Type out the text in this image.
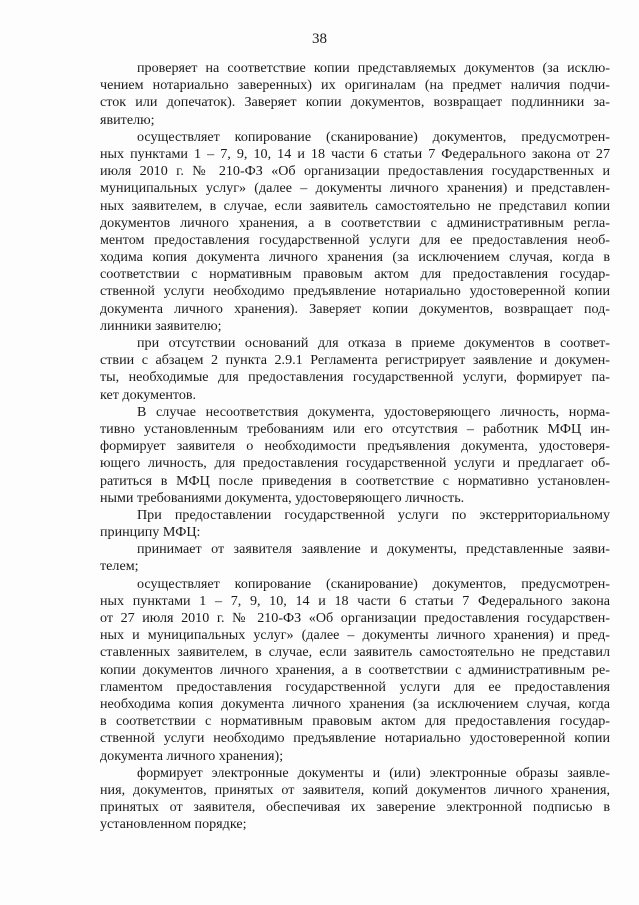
38
проверяет на соответствие копии представляемых документов (за исклю-
чением нотариально заверенных) их оригиналам (на предмет наличия подчи-
сток или допечаток). Заверяет копии документов, возвращает подлинники за-
явителю;
осуществляет копирование (сканирование) документов, предусмотрен-
ных пунктами 1 – 7, 9, 10, 14 и 18 части 6 статьи 7 Федерального закона от 27
июля 2010 г. № 210-ФЗ «Об организации предоставления государственных и
муниципальных услуг» (далее – документы личного хранения) и представлен-
ных заявителем, в случае, если заявитель самостоятельно не представил копии
документов личного хранения, а в соответствии с административным регла-
ментом предоставления государственной услуги для ее предоставления необ-
ходима копия документа личного хранения (за исключением случая, когда в
соответствии с нормативным правовым актом для предоставления государ-
ственной услуги необходимо предъявление нотариально удостоверенной копии
документа личного хранения). Заверяет копии документов, возвращает под-
линники заявителю;
при отсутствии оснований для отказа в приеме документов в соответ-
ствии с абзацем 2 пункта 2.9.1 Регламента регистрирует заявление и докумен-
ты, необходимые для предоставления государственной услуги, формирует па-
кет документов.
В случае несоответствия документа, удостоверяющего личность, норма-
тивно установленным требованиям или его отсутствия – работник МФЦ ин-
формирует заявителя о необходимости предъявления документа, удостоверя-
ющего личность, для предоставления государственной услуги и предлагает об-
ратиться в МФЦ после приведения в соответствие с нормативно установлен-
ными требованиями документа, удостоверяющего личность.
При предоставлении государственной услуги по экстерриториальному
принципу МФЦ:
принимает от заявителя заявление и документы, представленные заяви-
телем;
осуществляет копирование (сканирование) документов, предусмотрен-
ных пунктами 1 – 7, 9, 10, 14 и 18 части 6 статьи 7 Федерального закона
от 27 июля 2010 г. № 210-ФЗ «Об организации предоставления государствен-
ных и муниципальных услуг» (далее – документы личного хранения) и пред-
ставленных заявителем, в случае, если заявитель самостоятельно не представил
копии документов личного хранения, а в соответствии с административным ре-
гламентом предоставления государственной услуги для ее предоставления
необходима копия документа личного хранения (за исключением случая, когда
в соответствии с нормативным правовым актом для предоставления государ-
ственной услуги необходимо предъявление нотариально удостоверенной копии
документа личного хранения);
формирует электронные документы и (или) электронные образы заявле-
ния, документов, принятых от заявителя, копий документов личного хранения,
принятых от заявителя, обеспечивая их заверение электронной подписью в
установленном порядке;
